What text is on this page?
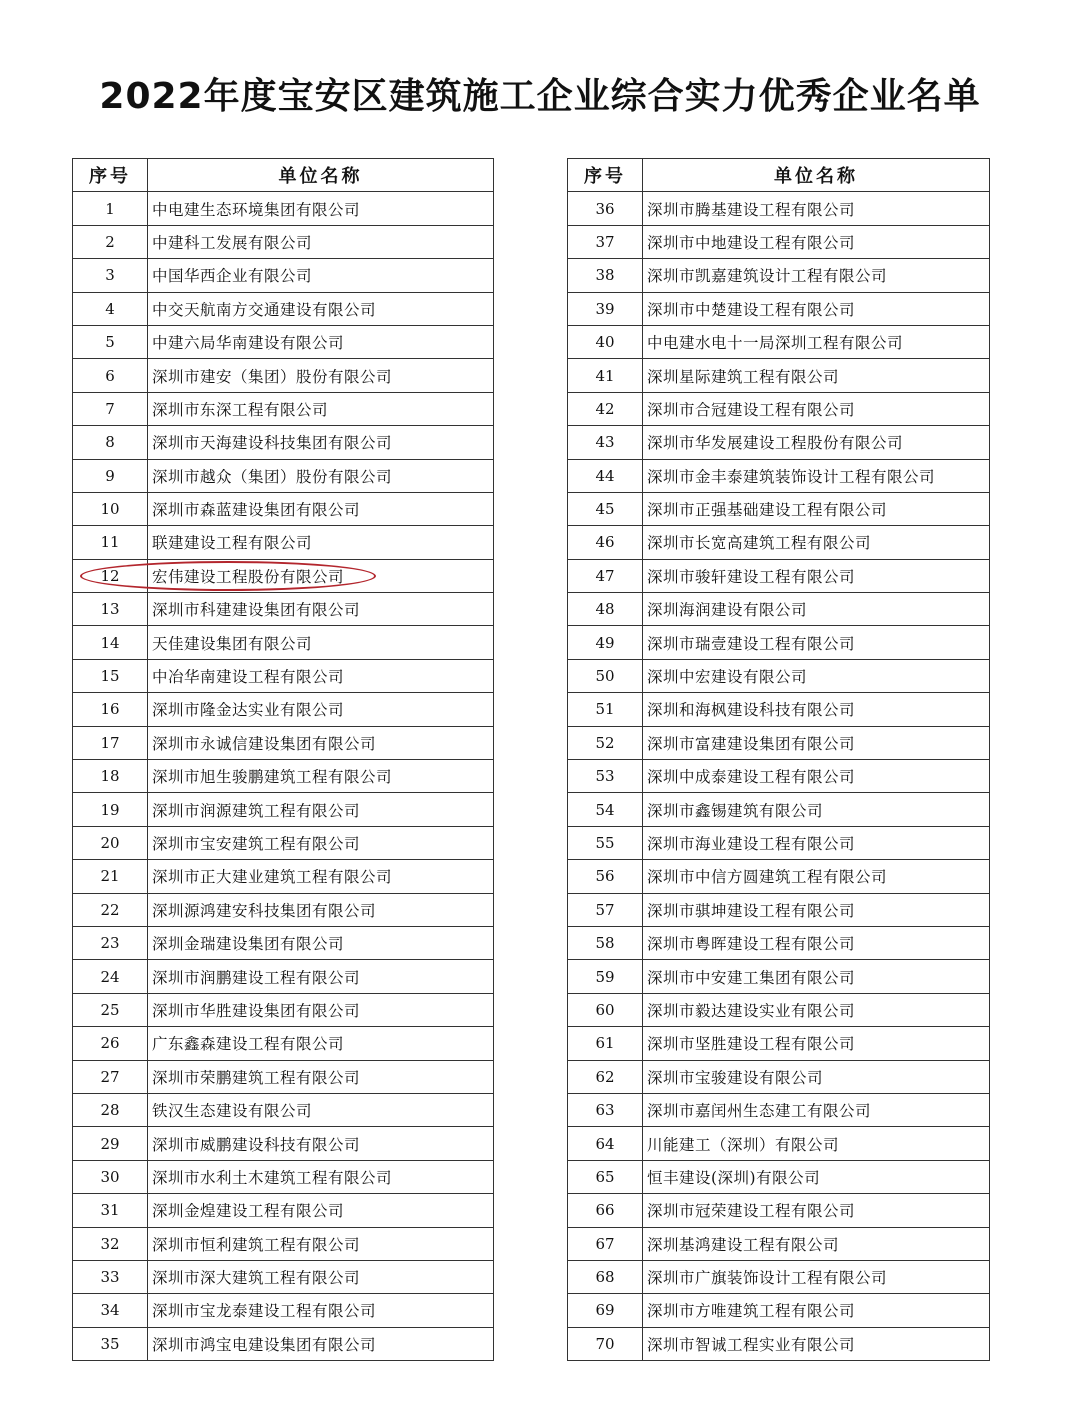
2022年度宝安区建筑施工企业综合实力优秀企业名单
序号	单位名称
1	中电建生态环境集团有限公司
2	中建科工发展有限公司
3	中国华西企业有限公司
4	中交天航南方交通建设有限公司
5	中建六局华南建设有限公司
6	深圳市建安（集团）股份有限公司
7	深圳市东深工程有限公司
8	深圳市天海建设科技集团有限公司
9	深圳市越众（集团）股份有限公司
10	深圳市森蓝建设集团有限公司
11	联建建设工程有限公司
12	宏伟建设工程股份有限公司
13	深圳市科建建设集团有限公司
14	天佳建设集团有限公司
15	中冶华南建设工程有限公司
16	深圳市隆金达实业有限公司
17	深圳市永诚信建设集团有限公司
18	深圳市旭生骏鹏建筑工程有限公司
19	深圳市润源建筑工程有限公司
20	深圳市宝安建筑工程有限公司
21	深圳市正大建业建筑工程有限公司
22	深圳源鸿建安科技集团有限公司
23	深圳金瑞建设集团有限公司
24	深圳市润鹏建设工程有限公司
25	深圳市华胜建设集团有限公司
26	广东鑫森建设工程有限公司
27	深圳市荣鹏建筑工程有限公司
28	铁汉生态建设有限公司
29	深圳市威鹏建设科技有限公司
30	深圳市水利土木建筑工程有限公司
31	深圳金煌建设工程有限公司
32	深圳市恒利建筑工程有限公司
33	深圳市深大建筑工程有限公司
34	深圳市宝龙泰建设工程有限公司
35	深圳市鸿宝电建设集团有限公司
序号	单位名称
36	深圳市腾基建设工程有限公司
37	深圳市中地建设工程有限公司
38	深圳市凯嘉建筑设计工程有限公司
39	深圳市中楚建设工程有限公司
40	中电建水电十一局深圳工程有限公司
41	深圳星际建筑工程有限公司
42	深圳市合冠建设工程有限公司
43	深圳市华发展建设工程股份有限公司
44	深圳市金丰泰建筑装饰设计工程有限公司
45	深圳市正强基础建设工程有限公司
46	深圳市长宽高建筑工程有限公司
47	深圳市骏轩建设工程有限公司
48	深圳海润建设有限公司
49	深圳市瑞壹建设工程有限公司
50	深圳中宏建设有限公司
51	深圳和海枫建设科技有限公司
52	深圳市富建建设集团有限公司
53	深圳中成泰建设工程有限公司
54	深圳市鑫锡建筑有限公司
55	深圳市海业建设工程有限公司
56	深圳市中信方圆建筑工程有限公司
57	深圳市骐坤建设工程有限公司
58	深圳市粤晖建设工程有限公司
59	深圳市中安建工集团有限公司
60	深圳市毅达建设实业有限公司
61	深圳市坚胜建设工程有限公司
62	深圳市宝骏建设有限公司
63	深圳市嘉闰州生态建工有限公司
64	川能建工（深圳）有限公司
65	恒丰建设(深圳)有限公司
66	深圳市冠荣建设工程有限公司
67	深圳基鸿建设工程有限公司
68	深圳市广旗装饰设计工程有限公司
69	深圳市方唯建筑工程有限公司
70	深圳市智诚工程实业有限公司
